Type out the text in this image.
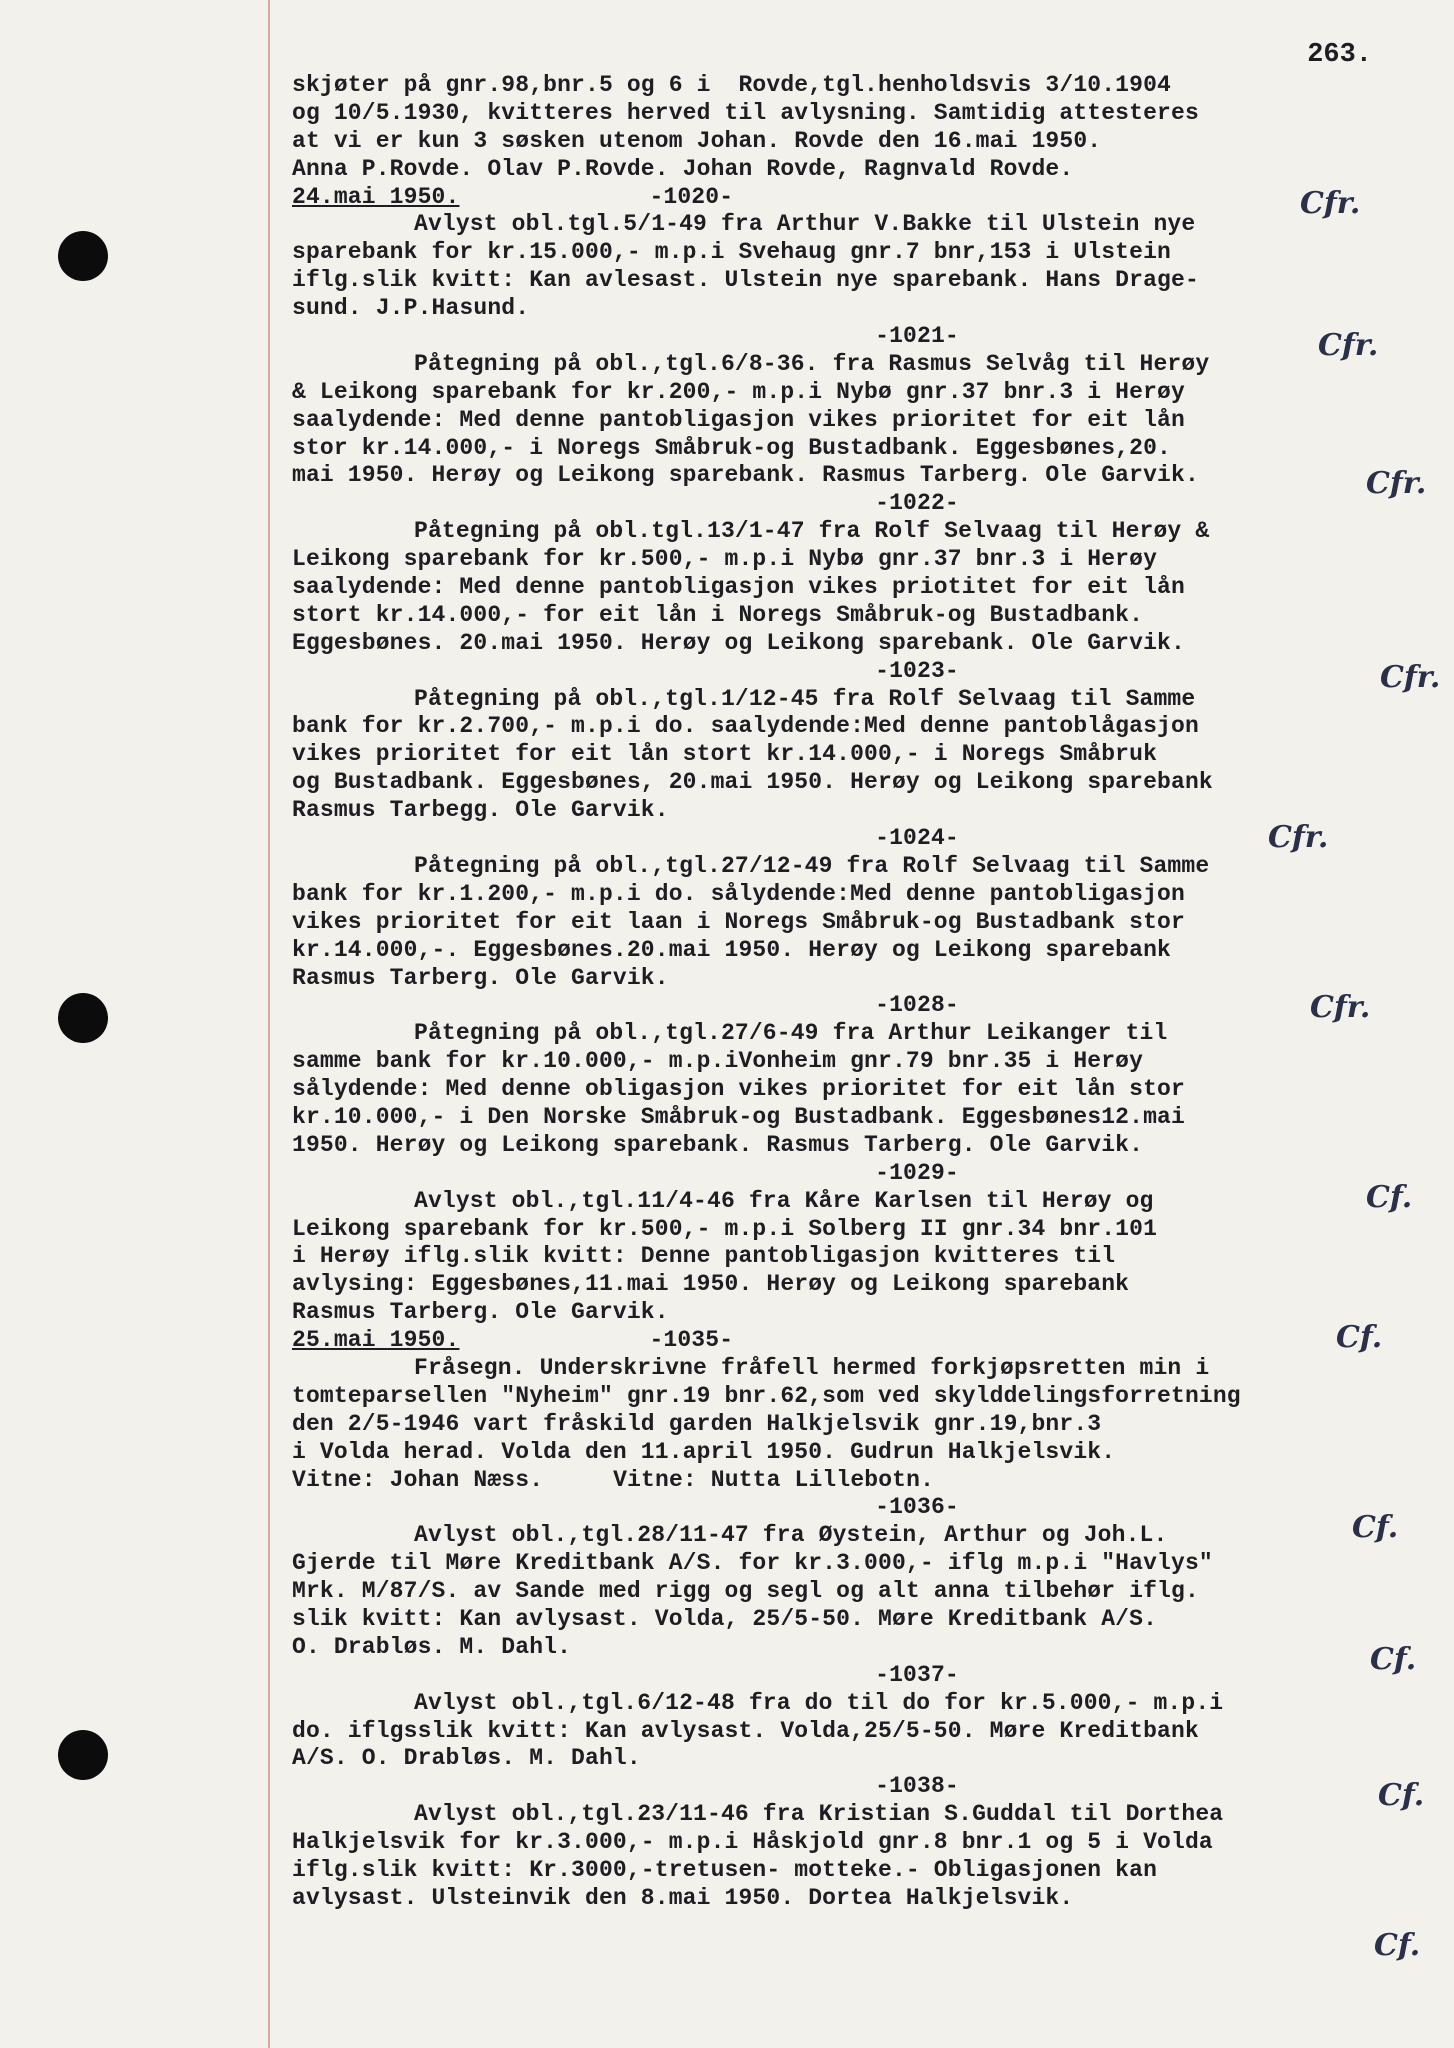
263.
skjøter på gnr.98,bnr.5 og 6 i  Rovde,tgl.henholdsvis 3/10.1904
og 10/5.1930, kvitteres herved til avlysning. Samtidig attesteres
at vi er kun 3 søsken utenom Johan. Rovde den 16.mai 1950.
Anna P.Rovde. Olav P.Rovde. Johan Rovde, Ragnvald Rovde.
24.mai 1950.	-1020-
Avlyst obl.tgl.5/1-49 fra Arthur V.Bakke til Ulstein nye
sparebank for kr.15.000,- m.p.i Svehaug gnr.7 bnr,153 i Ulstein
iflg.slik kvitt: Kan avlesast. Ulstein nye sparebank. Hans Drage-
sund. J.P.Hasund.
-1021-
Påtegning på obl.,tgl.6/8-36. fra Rasmus Selvåg til Herøy
& Leikong sparebank for kr.200,- m.p.i Nybø gnr.37 bnr.3 i Herøy
saalydende: Med denne pantobligasjon vikes prioritet for eit lån
stor kr.14.000,- i Noregs Småbruk-og Bustadbank. Eggesbønes,20.
mai 1950. Herøy og Leikong sparebank. Rasmus Tarberg. Ole Garvik.
-1022-
Påtegning på obl.tgl.13/1-47 fra Rolf Selvaag til Herøy &
Leikong sparebank for kr.500,- m.p.i Nybø gnr.37 bnr.3 i Herøy
saalydende: Med denne pantobligasjon vikes priotitet for eit lån
stort kr.14.000,- for eit lån i Noregs Småbruk-og Bustadbank.
Eggesbønes. 20.mai 1950. Herøy og Leikong sparebank. Ole Garvik.
-1023-
Påtegning på obl.,tgl.1/12-45 fra Rolf Selvaag til Samme
bank for kr.2.700,- m.p.i do. saalydende:Med denne pantoblågasjon
vikes prioritet for eit lån stort kr.14.000,- i Noregs Småbruk
og Bustadbank. Eggesbønes, 20.mai 1950. Herøy og Leikong sparebank
Rasmus Tarbegg. Ole Garvik.
-1024-
Påtegning på obl.,tgl.27/12-49 fra Rolf Selvaag til Samme
bank for kr.1.200,- m.p.i do. sålydende:Med denne pantobligasjon
vikes prioritet for eit laan i Noregs Småbruk-og Bustadbank stor
kr.14.000,-. Eggesbønes.20.mai 1950. Herøy og Leikong sparebank
Rasmus Tarberg. Ole Garvik.
-1028-
Påtegning på obl.,tgl.27/6-49 fra Arthur Leikanger til
samme bank for kr.10.000,- m.p.iVonheim gnr.79 bnr.35 i Herøy
sålydende: Med denne obligasjon vikes prioritet for eit lån stor
kr.10.000,- i Den Norske Småbruk-og Bustadbank. Eggesbønes12.mai
1950. Herøy og Leikong sparebank. Rasmus Tarberg. Ole Garvik.
-1029-
Avlyst obl.,tgl.11/4-46 fra Kåre Karlsen til Herøy og
Leikong sparebank for kr.500,- m.p.i Solberg II gnr.34 bnr.101
i Herøy iflg.slik kvitt: Denne pantobligasjon kvitteres til
avlysing: Eggesbønes,11.mai 1950. Herøy og Leikong sparebank
Rasmus Tarberg. Ole Garvik.
25.mai 1950.	-1035-
Fråsegn. Underskrivne fråfell hermed forkjøpsretten min i
tomteparsellen "Nyheim" gnr.19 bnr.62,som ved skylddelingsforretning
den 2/5-1946 vart fråskild garden Halkjelsvik gnr.19,bnr.3
i Volda herad. Volda den 11.april 1950. Gudrun Halkjelsvik.
Vitne: Johan Næss.	Vitne: Nutta Lillebotn.
-1036-
Avlyst obl.,tgl.28/11-47 fra Øystein, Arthur og Joh.L.
Gjerde til Møre Kreditbank A/S. for kr.3.000,- iflg m.p.i "Havlys"
Mrk. M/87/S. av Sande med rigg og segl og alt anna tilbehør iflg.
slik kvitt: Kan avlysast. Volda, 25/5-50. Møre Kreditbank A/S.
O. Drabløs. M. Dahl.
-1037-
Avlyst obl.,tgl.6/12-48 fra do til do for kr.5.000,- m.p.i
do. iflgsslik kvitt: Kan avlysast. Volda,25/5-50. Møre Kreditbank
A/S. O. Drabløs. M. Dahl.
-1038-
Avlyst obl.,tgl.23/11-46 fra Kristian S.Guddal til Dorthea
Halkjelsvik for kr.3.000,- m.p.i Håskjold gnr.8 bnr.1 og 5 i Volda
iflg.slik kvitt: Kr.3000,-tretusen- motteke.- Obligasjonen kan
avlysast. Ulsteinvik den 8.mai 1950. Dortea Halkjelsvik.
Cfr.
Cfr.
Cfr.
Cfr.
Cfr.
Cfr.
Cf.
Cf.
Cf.
Cf.
Cf.
Cf.
